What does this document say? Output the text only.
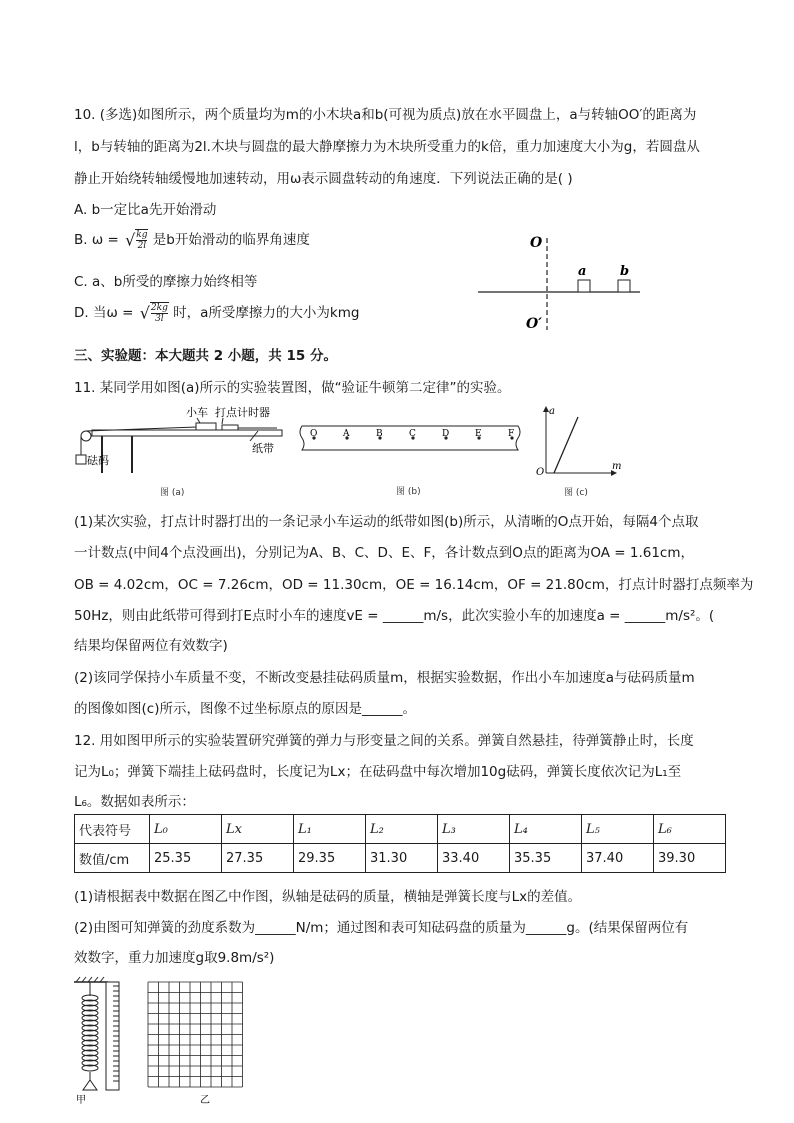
10. (多选)如图所示，两个质量均为m的小木块a和b(可视为质点)放在水平圆盘上，a与转轴OO′的距离为
l，b与转轴的距离为2l.木块与圆盘的最大静摩擦力为木块所受重力的k倍，重力加速度大小为g，若圆盘从
静止开始绕转轴缓慢地加速转动，用ω表示圆盘转动的角速度．下列说法正确的是( )
A. b一定比a先开始滑动
B. ω = √ $\frac{kg}{2l}$ 是b开始滑动的临界角速度
C. a、b所受的摩擦力始终相等
D. 当ω = √ $\frac{2kg}{3l}$ 时，a所受摩擦力的大小为kmg
O
O′
a	b
三、实验题：本大题共 2 小题，共 15 分。
11. 某同学用如图(a)所示的实验装置图，做“验证牛顿第二定律”的实验。
小车 打点计时器
砝码
纸带
图 (a)
O	A	B	C	D	E	F
图 (b)
a
m
O
图 (c)
(1)某次实验，打点计时器打出的一条记录小车运动的纸带如图(b)所示，从清晰的O点开始，每隔4个点取
一计数点(中间4个点没画出)，分别记为A、B、C、D、E、F，各计数点到O点的距离为OA = 1.61cm，
OB = 4.02cm，OC = 7.26cm，OD = 11.30cm，OE = 16.14cm，OF = 21.80cm，打点计时器打点频率为
50Hz，则由此纸带可得到打E点时小车的速度vE = ______m/s，此次实验小车的加速度a = ______m/s²。(
结果均保留两位有效数字)
(2)该同学保持小车质量不变，不断改变悬挂砝码质量m，根据实验数据，作出小车加速度a与砝码质量m
的图像如图(c)所示，图像不过坐标原点的原因是______。
12. 用如图甲所示的实验装置研究弹簧的弹力与形变量之间的关系。弹簧自然悬挂，待弹簧静止时，长度
记为L₀；弹簧下端挂上砝码盘时，长度记为Lx；在砝码盘中每次增加10g砝码，弹簧长度依次记为L₁至
L₆。数据如表所示：
代表符号	L₀	Lx	L₁	L₂	L₃	L₄	L₅	L₆
数值/cm	25.35	27.35	29.35	31.30	33.40	35.35	37.40	39.30
(1)请根据表中数据在图乙中作图，纵轴是砝码的质量，横轴是弹簧长度与Lx的差值。
(2)由图可知弹簧的劲度系数为______N/m；通过图和表可知砝码盘的质量为______g。(结果保留两位有
效数字，重力加速度g取9.8m/s²)
甲	乙
